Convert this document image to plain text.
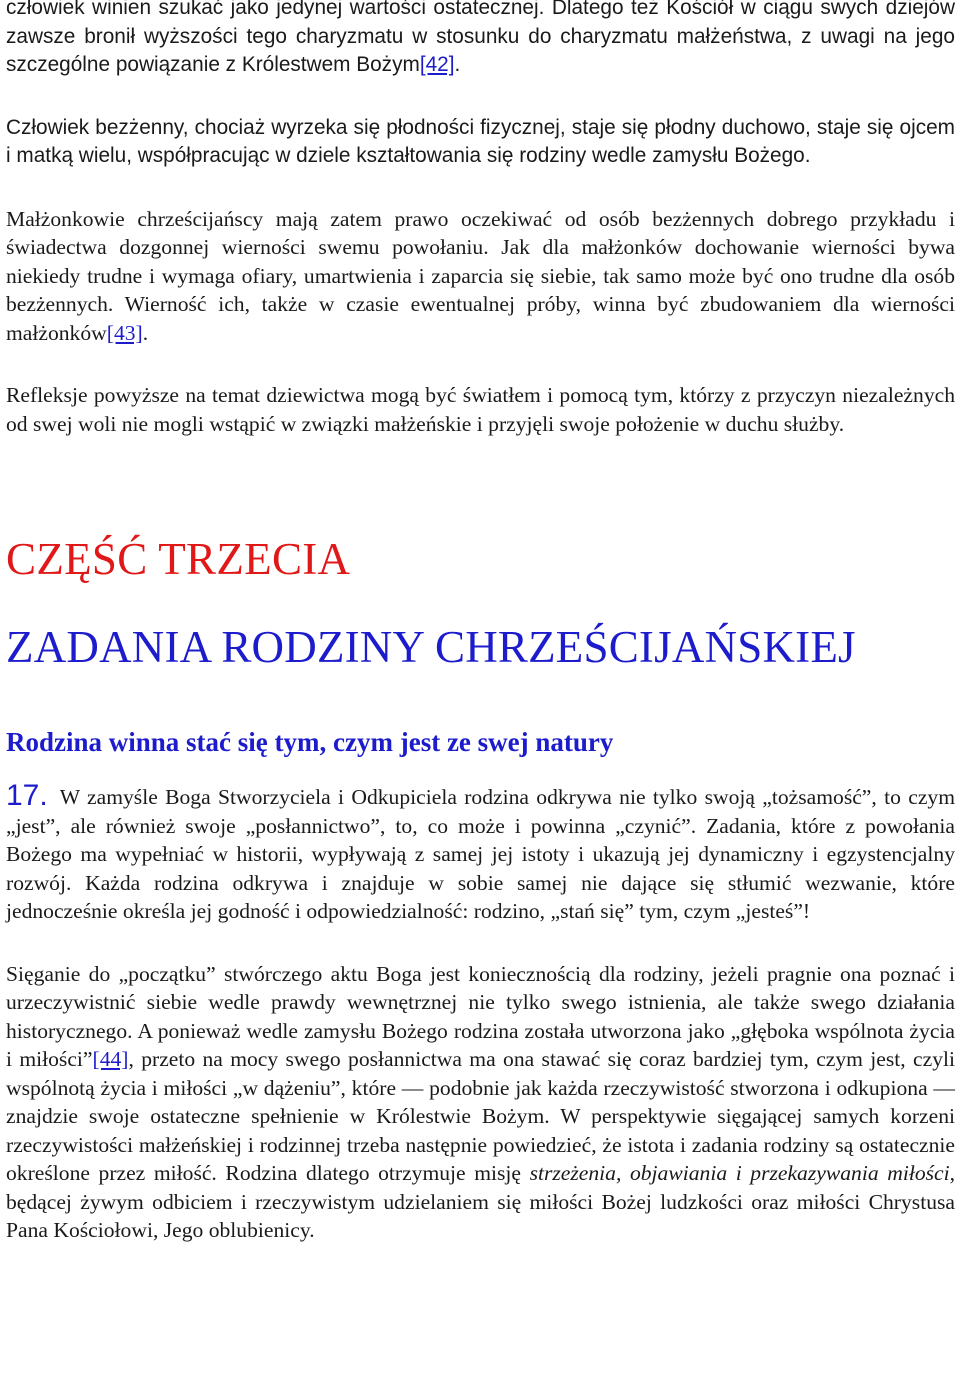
człowiek winien szukać jako jedynej wartości ostatecznej. Dlatego też Kościół w ciągu swych dziejów zawsze bronił wyższości tego charyzmatu w stosunku do charyzmatu małżeństwa, z uwagi na jego szczególne powiązanie z Królestwem Bożym[42].

Człowiek bezżenny, chociaż wyrzeka się płodności fizycznej, staje się płodny duchowo, staje się ojcem i matką wielu, współpracując w dziele kształtowania się rodziny wedle zamysłu Bożego.

Małżonkowie chrześcijańscy mają zatem prawo oczekiwać od osób bezżennych dobrego przykładu i świadectwa dozgonnej wierności swemu powołaniu. Jak dla małżonków dochowanie wierności bywa niekiedy trudne i wymaga ofiary, umartwienia i zaparcia się siebie, tak samo może być ono trudne dla osób bezżennych. Wierność ich, także w czasie ewentualnej próby, winna być zbudowaniem dla wierności małżonków[43].

Refleksje powyższe na temat dziewictwa mogą być światłem i pomocą tym, którzy z przyczyn niezależnych od swej woli nie mogli wstąpić w związki małżeńskie i przyjęli swoje położenie w duchu służby.

CZĘŚĆ TRZECIA
ZADANIA RODZINY CHRZEŚCIJAŃSKIEJ
Rodzina winna stać się tym, czym jest ze swej natury

17. W zamyśle Boga Stworzyciela i Odkupiciela rodzina odkrywa nie tylko swoją „tożsamość”, to czym „jest”, ale również swoje „posłannictwo”, to, co może i powinna „czynić”. Zadania, które z powołania Bożego ma wypełniać w historii, wypływają z samej jej istoty i ukazują jej dynamiczny i egzystencjalny rozwój. Każda rodzina odkrywa i znajduje w sobie samej nie dające się stłumić wezwanie, które jednocześnie określa jej godność i odpowiedzialność: rodzino, „stań się” tym, czym „jesteś”!

Sięganie do „początku” stwórczego aktu Boga jest koniecznością dla rodziny, jeżeli pragnie ona poznać i urzeczywistnić siebie wedle prawdy wewnętrznej nie tylko swego istnienia, ale także swego działania historycznego. A ponieważ wedle zamysłu Bożego rodzina została utworzona jako „głęboka wspólnota życia i miłości”[44], przeto na mocy swego posłannictwa ma ona stawać się coraz bardziej tym, czym jest, czyli wspólnotą życia i miłości „w dążeniu”, które — podobnie jak każda rzeczywistość stworzona i odkupiona — znajdzie swoje ostateczne spełnienie w Królestwie Bożym. W perspektywie sięgającej samych korzeni rzeczywistości małżeńskiej i rodzinnej trzeba następnie powiedzieć, że istota i zadania rodziny są ostatecznie określone przez miłość. Rodzina dlatego otrzymuje misję strzeżenia, objawiania i przekazywania miłości, będącej żywym odbiciem i rzeczywistym udzielaniem się miłości Bożej ludzkości oraz miłości Chrystusa Pana Kościołowi, Jego oblubienicy.
